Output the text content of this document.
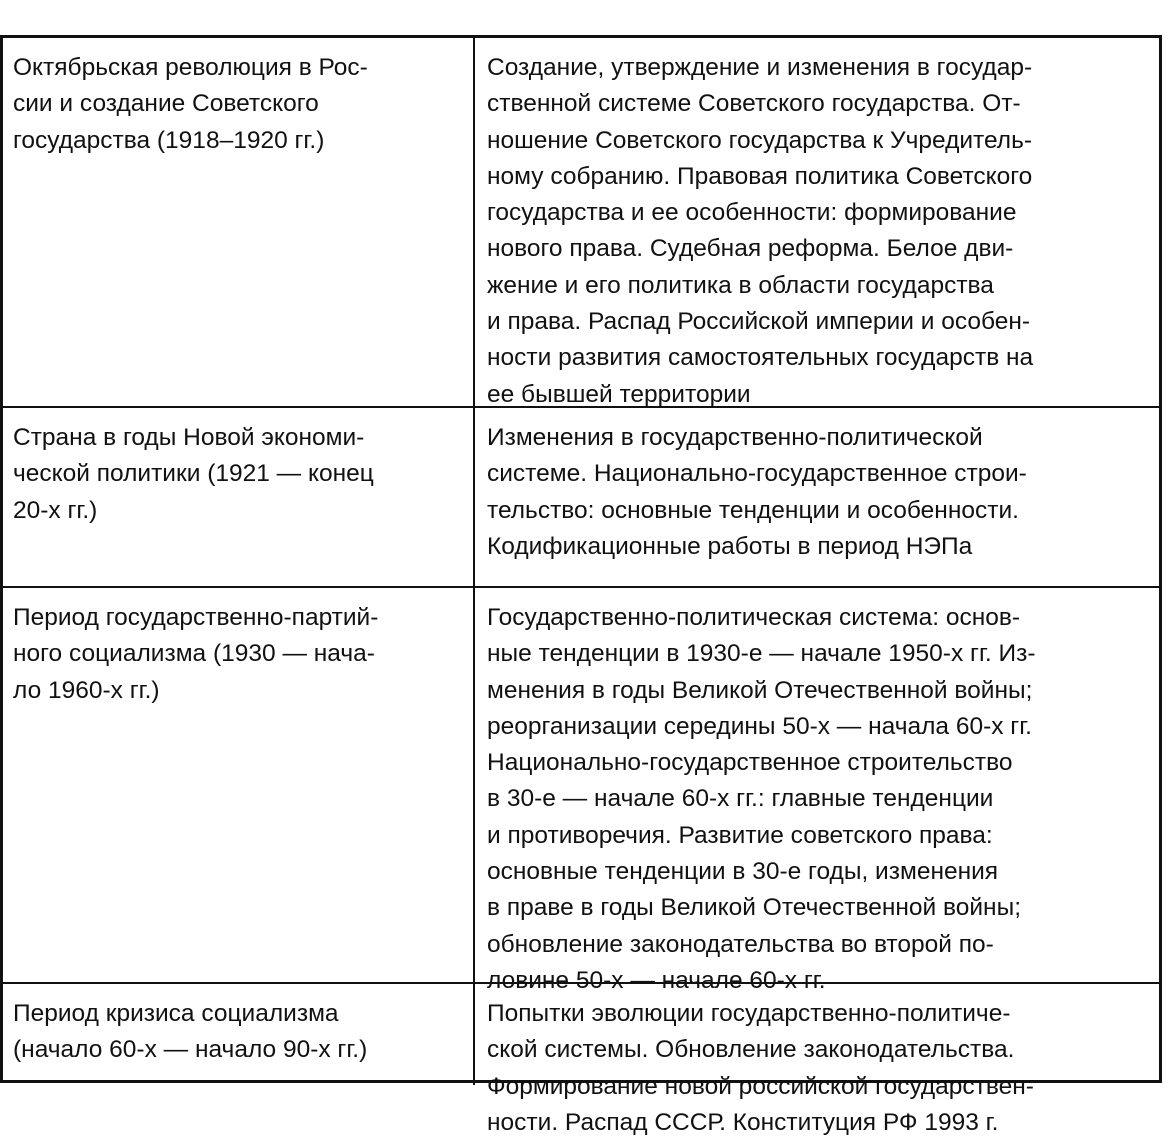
Октябрьская революция в Рос-
сии и создание Советского
государства (1918–1920 гг.)
Создание, утверждение и изменения в государ-
ственной системе Советского государства. От-
ношение Советского государства к Учредитель-
ному собранию. Правовая политика Советского
государства и ее особенности: формирование
нового права. Судебная реформа. Белое дви-
жение и его политика в области государства
и права. Распад Российской империи и особен-
ности развития самостоятельных государств на
ее бывшей территории
Страна в годы Новой экономи-
ческой политики (1921 — конец
20-х гг.)
Изменения в государственно-политической
системе. Национально-государственное строи-
тельство: основные тенденции и особенности.
Кодификационные работы в период НЭПа
Период государственно-партий-
ного социализма (1930 — нача-
ло 1960-х гг.)
Государственно-политическая система: основ-
ные тенденции в 1930-е — начале 1950-х гг. Из-
менения в годы Великой Отечественной войны;
реорганизации середины 50-х — начала 60-х гг.
Национально-государственное строительство
в 30-е — начале 60-х гг.: главные тенденции
и противоречия. Развитие советского права:
основные тенденции в 30-е годы, изменения
в праве в годы Великой Отечественной войны;
обновление законодательства во второй по-
ловине 50-х — начале 60-х гг.
Период кризиса социализма
(начало 60-х — начало 90-х гг.)
Попытки эволюции государственно-политиче-
ской системы. Обновление законодательства.
Формирование новой российской государствен-
ности. Распад СССР. Конституция РФ 1993 г.
